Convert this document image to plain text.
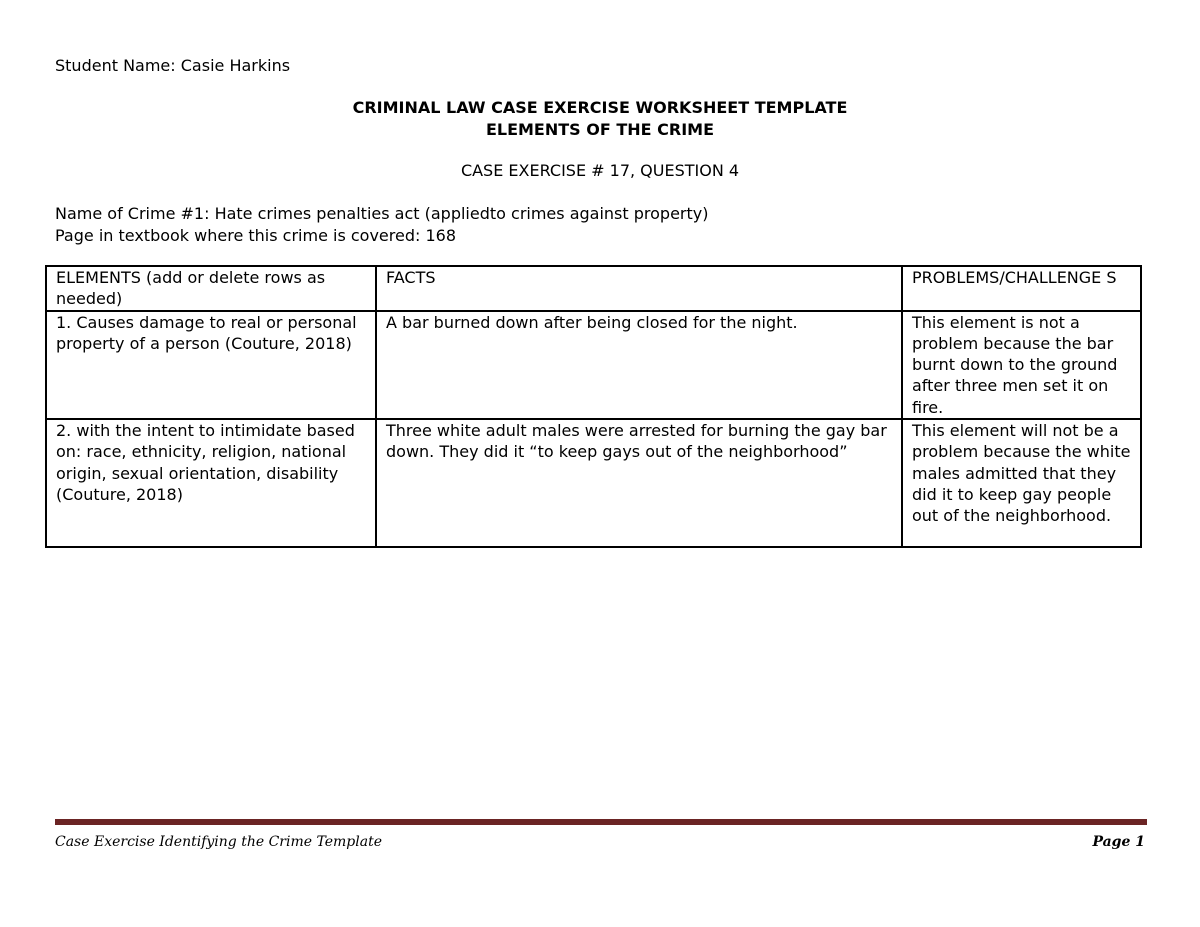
Student Name: Casie Harkins
CRIMINAL LAW CASE EXERCISE WORKSHEET TEMPLATE
ELEMENTS OF THE CRIME
CASE EXERCISE # 17, QUESTION 4
Name of Crime #1: Hate crimes penalties act (appliedto crimes against property)
Page in textbook where this crime is covered: 168
ELEMENTS (add or delete rows as needed)	FACTS	PROBLEMS/CHALLENGE S
1. Causes damage to real or personal property of a person (Couture, 2018)	A bar burned down after being closed for the night.	This element is not a problem because the bar burnt down to the ground after three men set it on fire.
2. with the intent to intimidate based on: race, ethnicity, religion, national origin, sexual orientation, disability (Couture, 2018)	Three white adult males were arrested for burning the gay bar down. They did it “to keep gays out of the neighborhood”	This element will not be a problem because the white males admitted that they did it to keep gay people out of the neighborhood.
Case Exercise Identifying the Crime Template	Page 1
